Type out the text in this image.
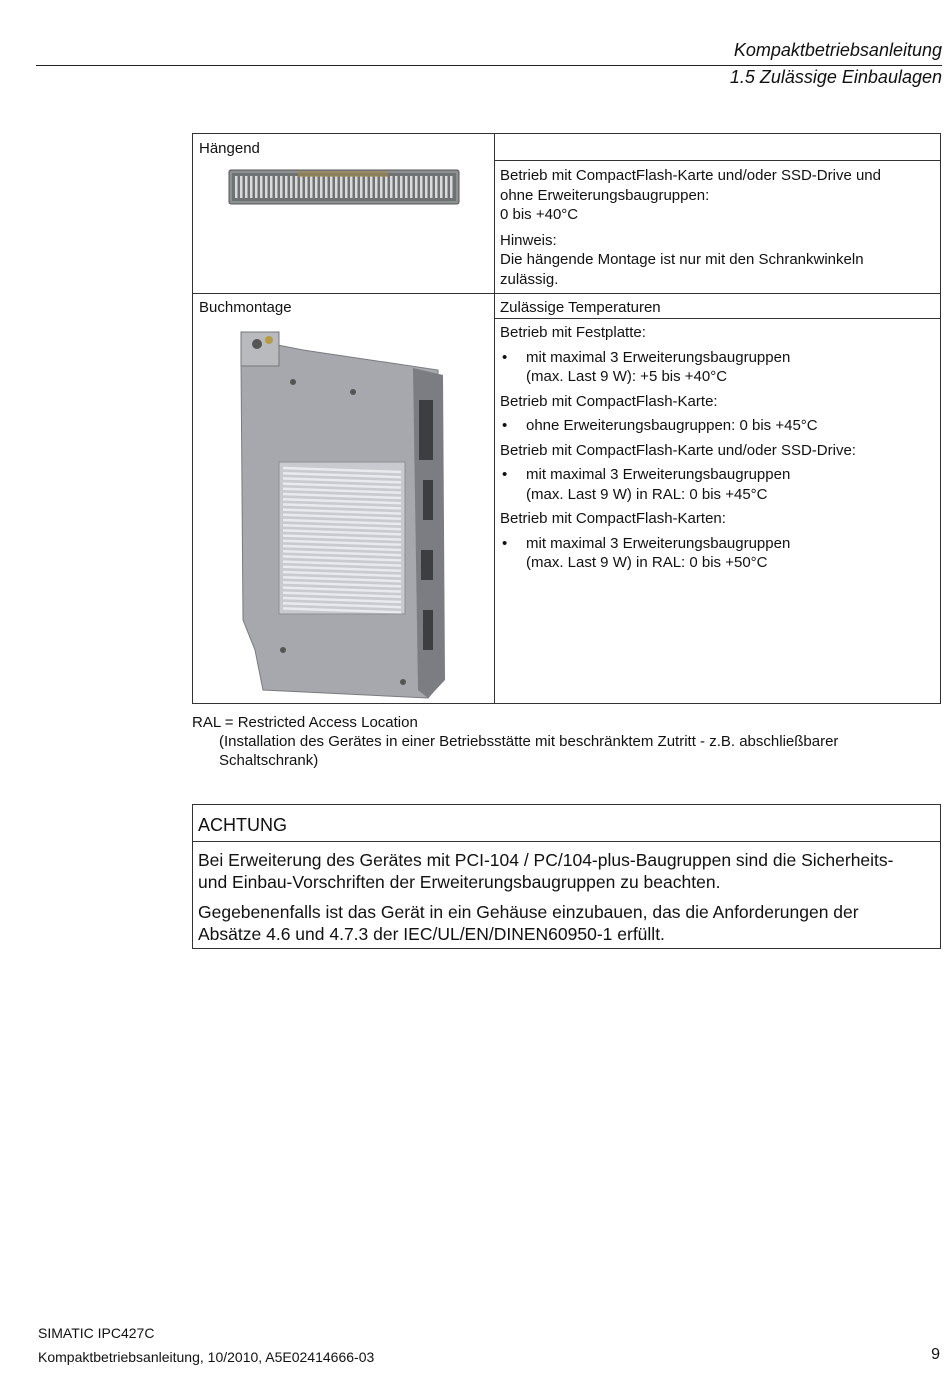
Kompaktbetriebsanleitung
1.5 Zulässige Einbaulagen
Hängend
Betrieb mit CompactFlash-Karte und/oder SSD-Drive und
ohne Erweiterungsbaugruppen:
0 bis +40°C
Hinweis:
Die hängende Montage ist nur mit den Schrankwinkeln
zulässig.
Buchmontage	Zulässige Temperaturen
Betrieb mit Festplatte:
• mit maximal 3 Erweiterungsbaugruppen
(max. Last 9 W): +5 bis +40°C
Betrieb mit CompactFlash-Karte:
• ohne Erweiterungsbaugruppen: 0 bis +45°C
Betrieb mit CompactFlash-Karte und/oder SSD-Drive:
• mit maximal 3 Erweiterungsbaugruppen
(max. Last 9 W) in RAL: 0 bis +45°C
Betrieb mit CompactFlash-Karten:
• mit maximal 3 Erweiterungsbaugruppen
(max. Last 9 W) in RAL: 0 bis +50°C
RAL = Restricted Access Location
(Installation des Gerätes in einer Betriebsstätte mit beschränktem Zutritt - z.B. abschließbarer
Schaltschrank)
ACHTUNG

Bei Erweiterung des Gerätes mit PCI-104 / PC/104-plus-Baugruppen sind die Sicherheits-
und Einbau-Vorschriften der Erweiterungsbaugruppen zu beachten.

Gegebenenfalls ist das Gerät in ein Gehäuse einzubauen, das die Anforderungen der
Absätze 4.6 und 4.7.3 der IEC/UL/EN/DINEN60950-1 erfüllt.

SIMATIC IPC427C
Kompaktbetriebsanleitung, 10/2010, A5E02414666-03	9
